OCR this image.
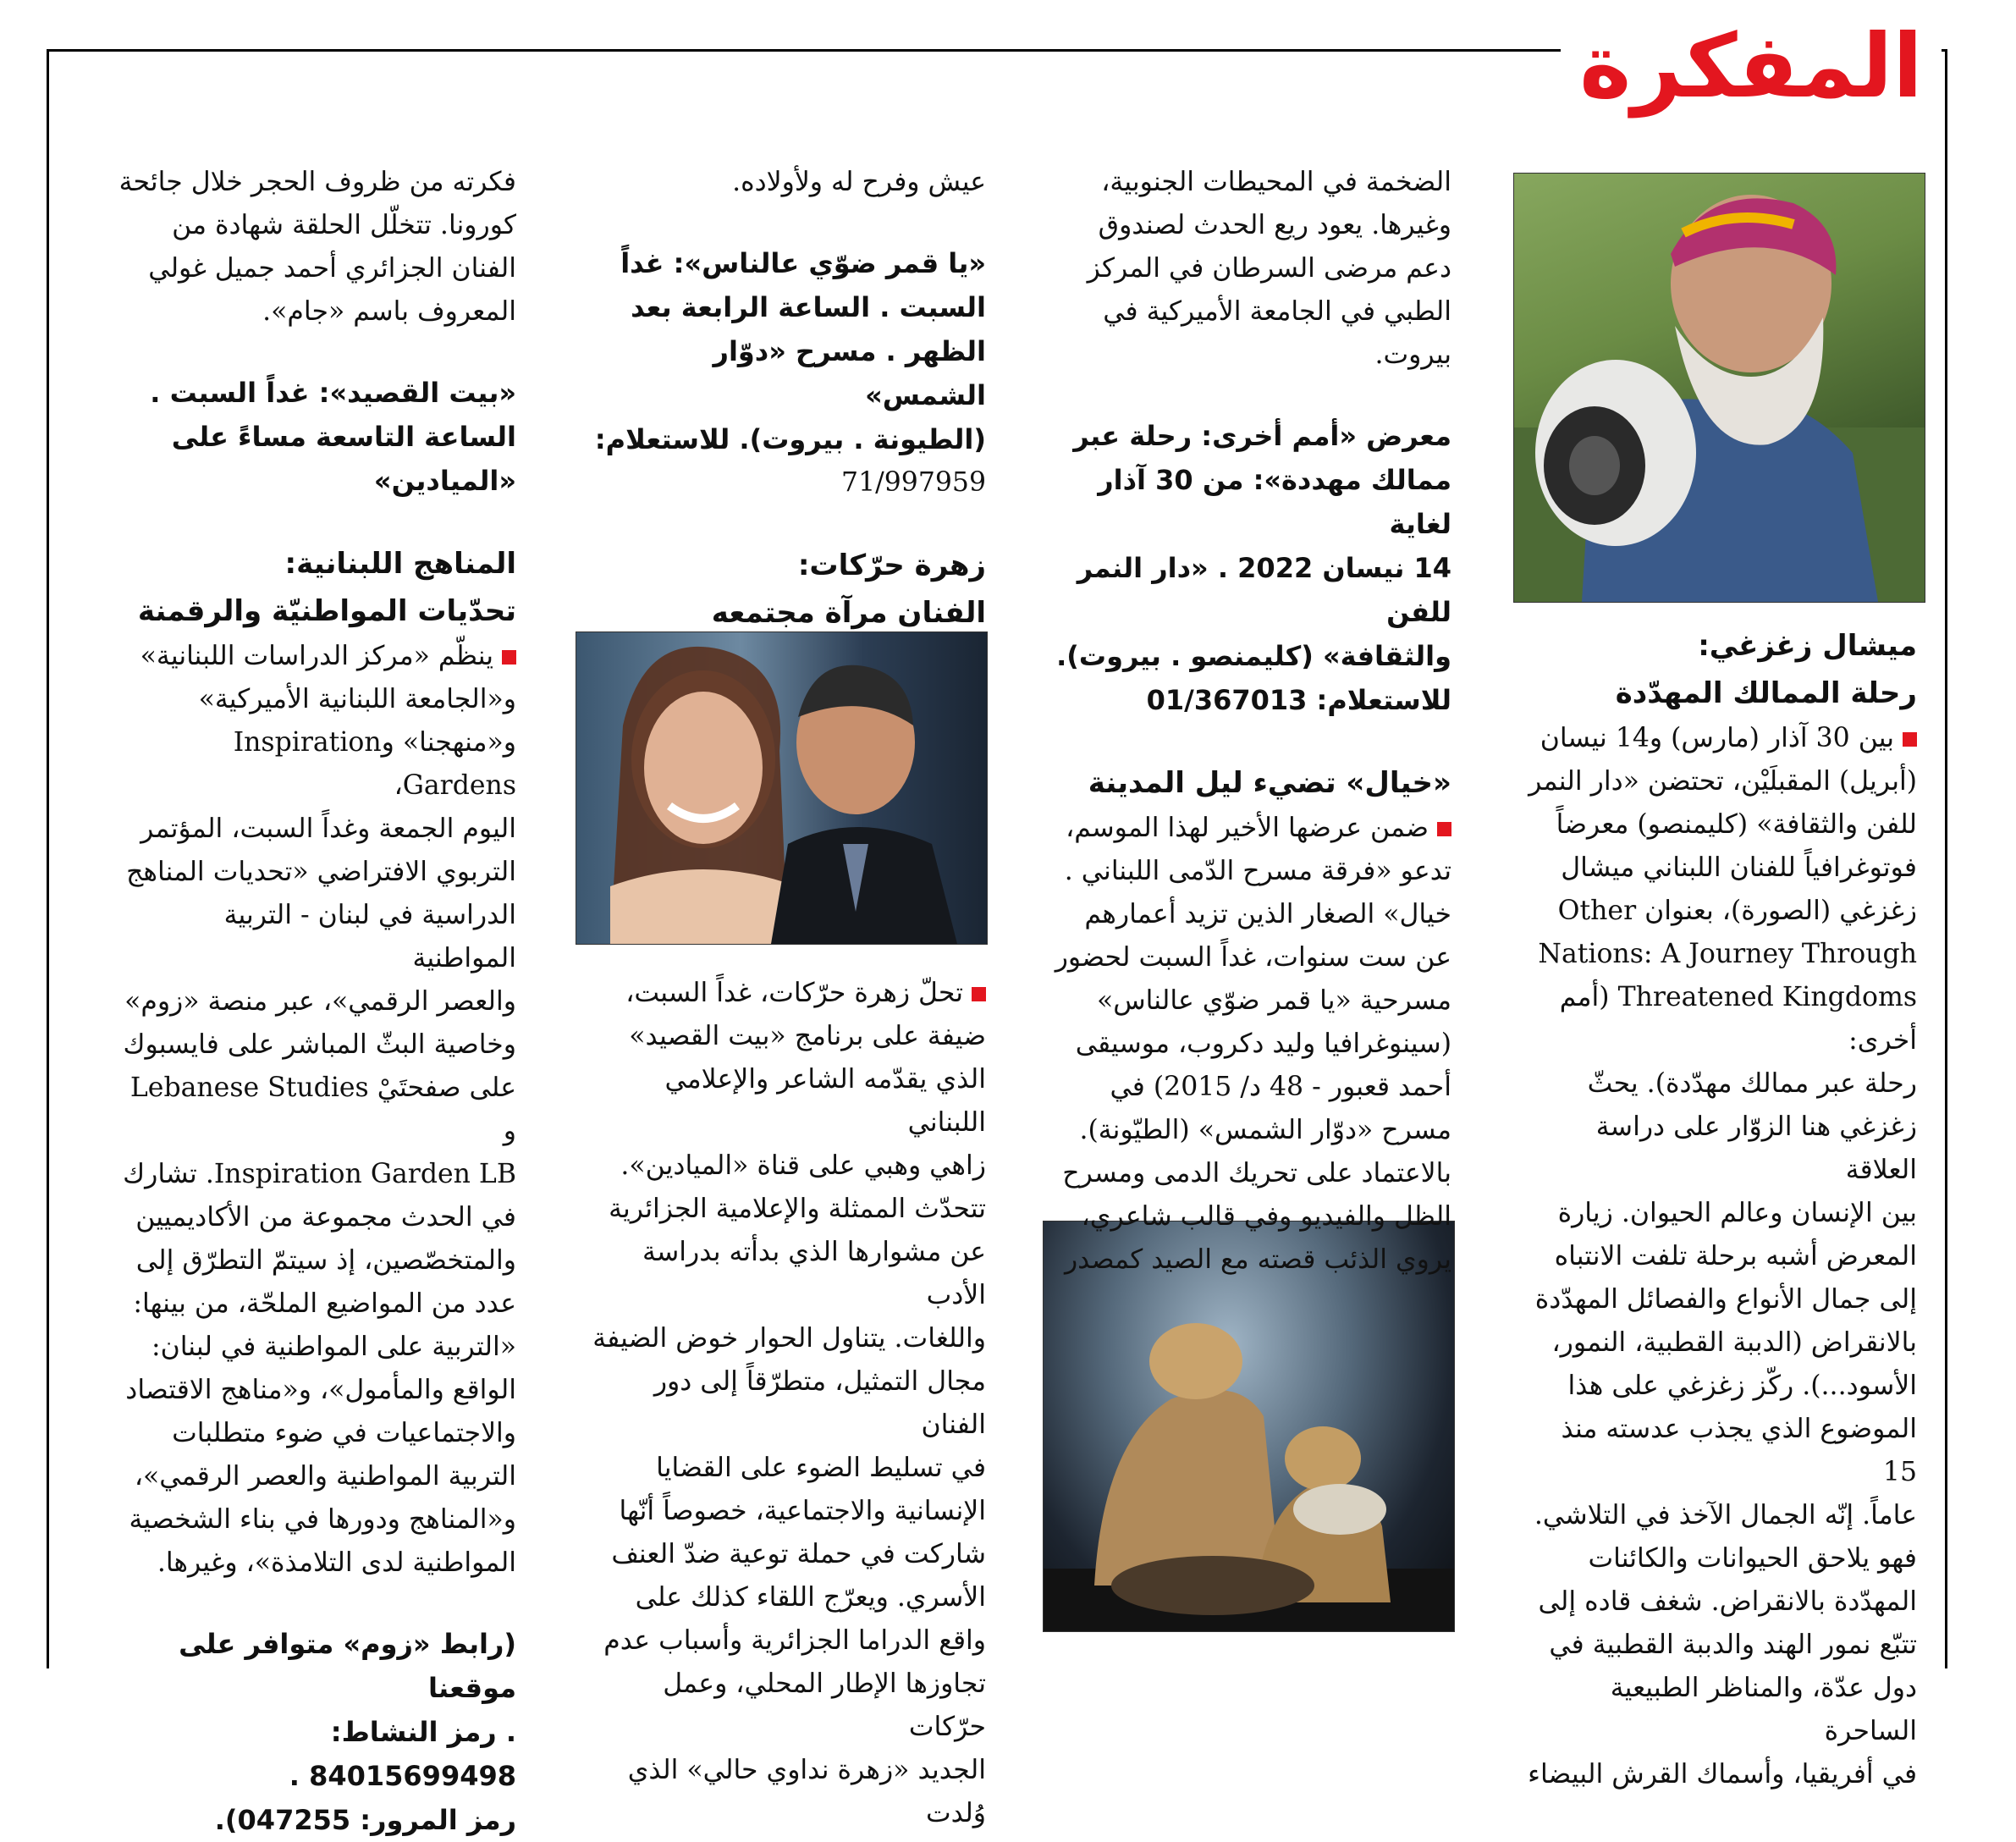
المفكرة
ميشال زغزغي:
رحلة الممالك المهدّدة

بين 30 آذار (مارس) و14 نيسان

(أبريل) المقبلَيْن، تحتضن «دار النمر

للفن والثقافة» (كليمنصو) معرضاً

فوتوغرافياً للفنان اللبناني ميشال

زغزغي (الصورة)، بعنوان Other

Nations: A Journey Through

Threatened Kingdoms (أمم أخرى:

رحلة عبر ممالك مهدّدة). يحثّ

زغزغي هنا الزوّار على دراسة العلاقة

بين الإنسان وعالم الحيوان. زيارة

المعرض أشبه برحلة تلفت الانتباه

إلى جمال الأنواع والفصائل المهدّدة

بالانقراض (الدببة القطبية، النمور،

الأسود...). ركّز زغزغي على هذا

الموضوع الذي يجذب عدسته منذ 15

عاماً. إنّه الجمال الآخذ في التلاشي.

فهو يلاحق الحيوانات والكائنات

المهدّدة بالانقراض. شغف قاده إلى

تتبّع نمور الهند والدببة القطبية في

دول عدّة، والمناظر الطبيعية الساحرة

في أفريقيا، وأسماك القرش البيضاء

الضخمة في المحيطات الجنوبية،

وغيرها. يعود ريع الحدث لصندوق

دعم مرضى السرطان في المركز

الطبي في الجامعة الأميركية في

بيروت.

معرض «أمم أخرى: رحلة عبر

ممالك مهددة»: من 30 آذار لغاية

14 نيسان 2022 . «دار النمر للفن

والثقافة» (كليمنصو . بيروت).

للاستعلام: 01/367013

«خيال» تضيء ليل المدينة

ضمن عرضها الأخير لهذا الموسم،

تدعو «فرقة مسرح الدّمى اللبناني .

خيال» الصغار الذين تزيد أعمارهم

عن ست سنوات، غداً السبت لحضور

مسرحية «يا قمر ضوّي عالناس»

(سينوغرافيا وليد دكروب، موسيقى

أحمد قعبور - 48 د/ 2015) في

مسرح «دوّار الشمس» (الطيّونة).

بالاعتماد على تحريك الدمى ومسرح

الظل والفيديو وفي قالب شاعري،

يروي الذئب قصته مع الصيد كمصدر

عيش وفرح له ولأولاده.

«يا قمر ضوّي عالناس»: غداً

السبت . الساعة الرابعة بعد

الظهر . مسرح «دوّار الشمس»

(الطيونة . بيروت). للاستعلام:

71/997959

زهرة حرّكات:
الفنان مرآة مجتمعه

تحلّ زهرة حرّكات، غداً السبت،

ضيفة على برنامج «بيت القصيد»

الذي يقدّمه الشاعر والإعلامي اللبناني

زاهي وهبي على قناة «الميادين».

تتحدّث الممثلة والإعلامية الجزائرية

عن مشوارها الذي بدأته بدراسة الأدب

واللغات. يتناول الحوار خوض الضيفة

مجال التمثيل، متطرّقاً إلى دور الفنان

في تسليط الضوء على القضايا

الإنسانية والاجتماعية، خصوصاً أنّها

شاركت في حملة توعية ضدّ العنف

الأسري. ويعرّج اللقاء كذلك على

واقع الدراما الجزائرية وأسباب عدم

تجاوزها الإطار المحلي، وعمل حرّكات

الجديد «زهرة نداوي حالي» الذي وُلدت

فكرته من ظروف الحجر خلال جائحة

كورونا. تتخلّل الحلقة شهادة من

الفنان الجزائري أحمد جميل غولي

المعروف باسم «جام».

«بيت القصيد»: غداً السبت .

الساعة التاسعة مساءً على

«الميادين»

المناهج اللبنانية:
تحدّيات المواطنيّة والرقمنة

ينظّم «مركز الدراسات اللبنانية»

و«الجامعة اللبنانية الأميركية»

و«منهجنا» وInspiration Gardens،

اليوم الجمعة وغداً السبت، المؤتمر

التربوي الافتراضي «تحديات المناهج

الدراسية في لبنان - التربية المواطنية

والعصر الرقمي»، عبر منصة «زوم»

وخاصية البثّ المباشر على فايسبوك

على صفحتَيْ Lebanese Studies و

Inspiration Garden LB. تشارك

في الحدث مجموعة من الأكاديميين

والمتخصّصين، إذ سيتمّ التطرّق إلى

عدد من المواضيع الملحّة، من بينها:

«التربية على المواطنية في لبنان:

الواقع والمأمول»، و«مناهج الاقتصاد

والاجتماعيات في ضوء متطلبات

التربية المواطنية والعصر الرقمي»،

و«المناهج ودورها في بناء الشخصية

المواطنية لدى التلامذة»، وغيرها.

(رابط «زوم» متوافر على موقعنا

. رمز النشاط: 84015699498 .

رمز المرور: 047255).
